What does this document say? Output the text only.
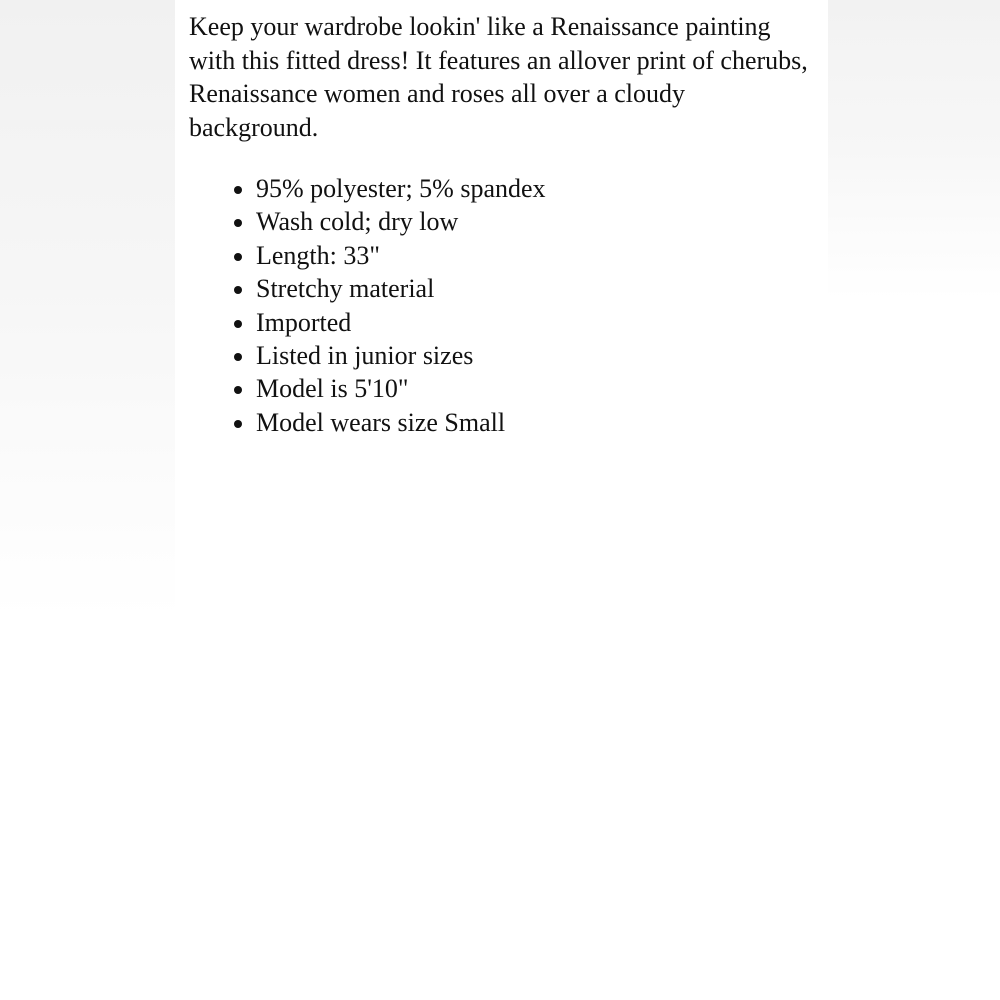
Keep your wardrobe lookin' like a Renaissance painting with this fitted dress! It features an allover print of cherubs, Renaissance women and roses all over a cloudy background.

• 95% polyester; 5% spandex
• Wash cold; dry low
• Length: 33"
• Stretchy material
• Imported
• Listed in junior sizes
• Model is 5'10"
• Model wears size Small
